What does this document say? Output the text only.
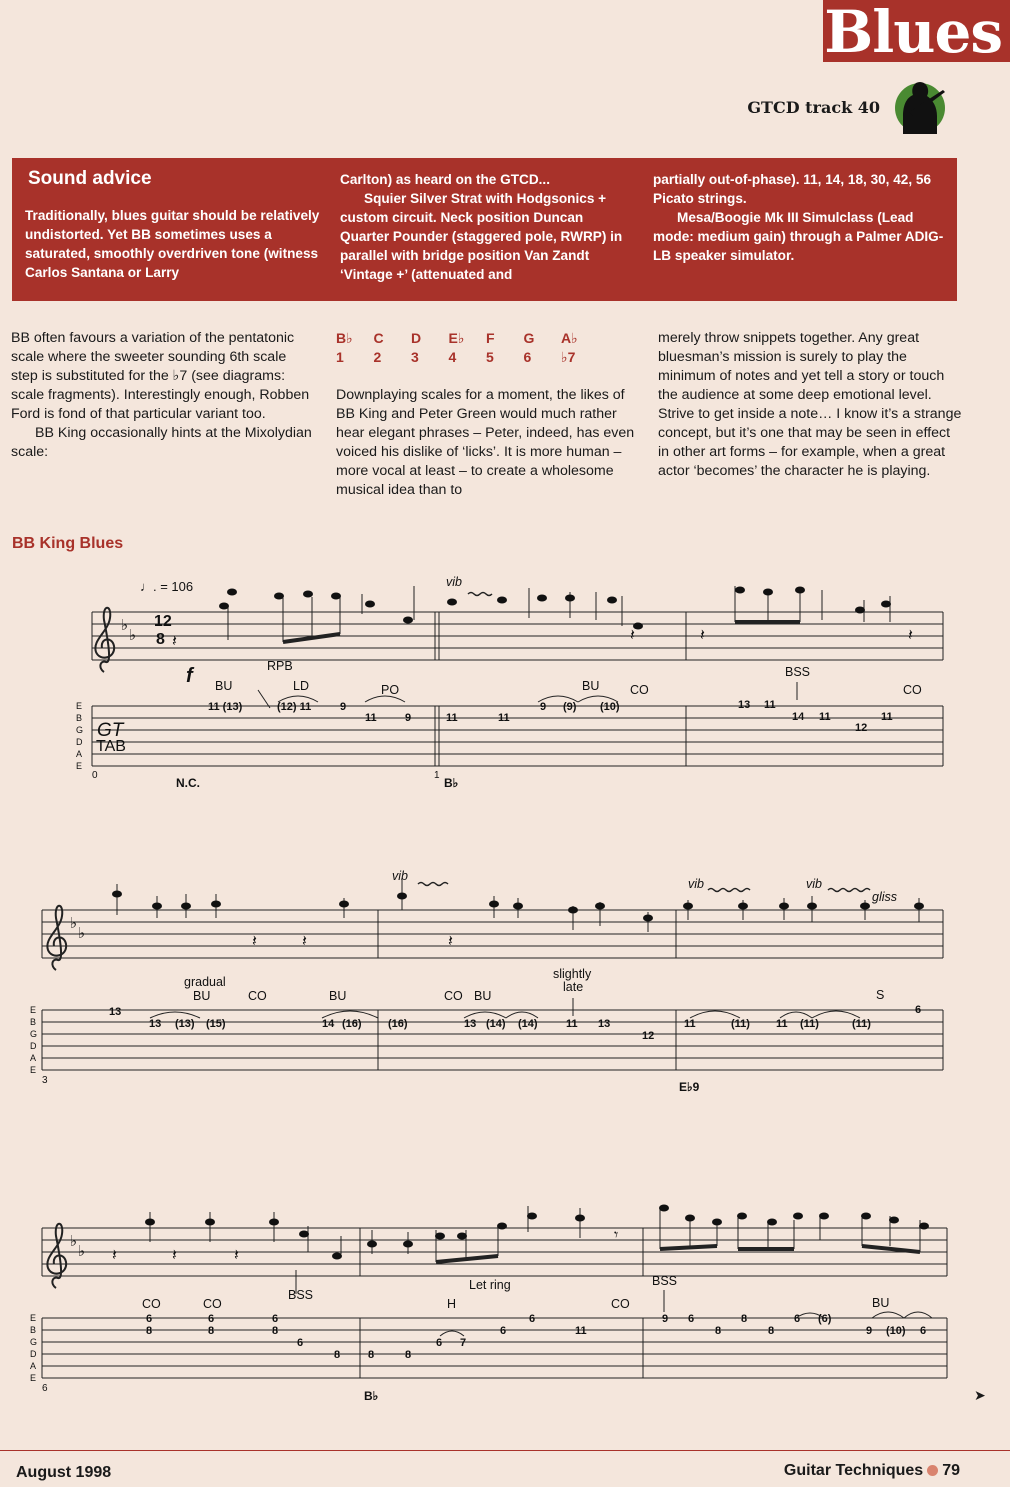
Blues
GTCD track 40
Sound advice
Traditionally, blues guitar should be relatively undistorted. Yet BB sometimes uses a saturated, smoothly overdriven tone (witness Carlos Santana or Larry
Carlton) as heard on the GTCD...
Squier Silver Strat with Hodgsonics + custom circuit. Neck position Duncan Quarter Pounder (staggered pole, RWRP) in parallel with bridge position Van Zandt ‘Vintage +’ (attenuated and
partially out-of-phase). 11, 14, 18, 30, 42, 56 Picato strings.
Mesa/Boogie Mk III Simulclass (Lead mode: medium gain) through a Palmer ADIG-LB speaker simulator.
BB often favours a variation of the pentatonic scale where the sweeter sounding 6th scale step is substituted for the ♭7 (see diagrams: scale fragments). Interestingly enough, Robben Ford is fond of that particular variant too.
BB King occasionally hints at the Mixolydian scale:
B♭	C	D	E♭	F	G	A♭
1	2	3	4	5	6	♭7
Downplaying scales for a moment, the likes of BB King and Peter Green would much rather hear elegant phrases – Peter, indeed, has even voiced his dislike of ‘licks’. It is more human – more vocal at least – to create a wholesome musical idea than to
merely throw snippets together. Any great bluesman’s mission is surely to play the minimum of notes and yet tell a story or touch the audience at some deep emotional level. Strive to get inside a note… I know it’s a strange concept, but it’s one that may be seen in effect in other art forms – for example, when a great actor ‘becomes’ the character he is playing.
BB King Blues
♭
♭
♭
♭
♭
♭
𝄽	𝄽	𝄽	𝄽
𝄽	𝄽	𝄽
𝄽	𝄽	𝄽
𝄾
♩. = 106
12
8
f
GT
TAB
E
B
G
D
A
E
E
B
G
D
A
E
E
B
G
D
A
E
0	1
3
6
N.C.	B♭
E♭9
B♭
RPB
BU	LD	PO	BU CO
BSS
CO
vib
gradual
BU	CO	BU	CO BU
slightly
late
S
vib
vib	vib
gliss
CO	CO
BSS
H
Let ring
CO
BSS
BU
11 (13)	(12) 11	9
11	9	11	11
9 (9) (10)	13 11
14 11
12
11
13
13 (13) (15)	14 (16) (16)	13 (14) (14)	11 13
12
11	(11) 11 (11)	(11)
6
6
8
6
8
6
8
6
8	8	8
6 7
6
6
11
9 6
8
8
8
6 (6)
9 (10) 6
August 1998	Guitar Techniques 79
➤
